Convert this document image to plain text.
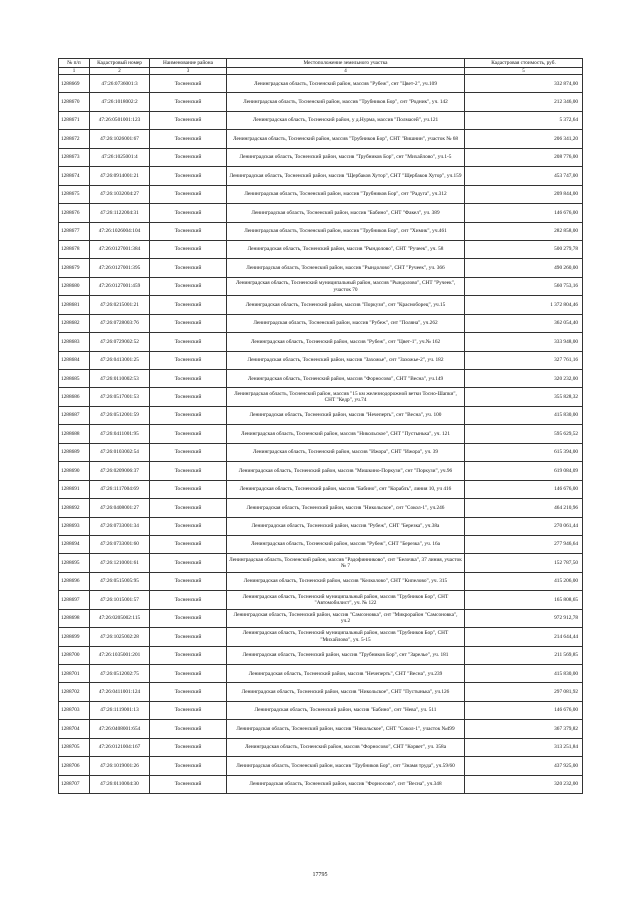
№ п/п	Кадастровый номер	Наименование района	Местоположение земельного участка	Кадастровая стоимость, руб.
1	2	3	4	5
1288669	47:26:0736001:3	Тосненский	Ленинградская область, Тосненский район, массив "Рубеж", снт "Цвет-2", уч.109	332 874,00
1288670	47:26:1018002:2	Тосненский	Ленинградская область, Тосненский район, массив "Трубников Бор", снт "Родник", уч. 142	212 346,00
1288671	47:26:0501001:123	Тосненский	Ленинградская область, Тосненский район, у д.Нурма, массив "Полмасей", уч.121	5 372,64
1288672	47:26:1026001:67	Тосненский	Ленинградская область, Тосненский район, массив "Трубников Бор", СНТ "Вишнин", участок № 68	206 341,20
1288673	47:26:1025001:4	Тосненский	Ленинградская область, Тосненский район, массив "Трубников Бор", снт "Михайлово", уч.1-5	208 776,00
1288674	47:26:0914001:21	Тосненский	Ленинградская область, Тосненский район, массив "Щербаков Хутор", СНТ "Щербаков Хутор", уч.159	453 747,00
1288675	47:26:1032004:27	Тосненский	Ленинградская область, Тосненский район, массив "Трубников Бор", снт "Радуга", уч.312	209 844,00
1288676	47:26:1122004:31	Тосненский	Ленинградская область, Тосненский район, массив "Бабино", СНТ "Факел", уч. 389	146 676,00
1288677	47:26:1026004:104	Тосненский	Ленинградская область, Тосненский район, массив "Трубников Бор", снт "Химик", уч.461	282 858,00
1288678	47:26:0127001:384	Тосненский	Ленинградская область, Тосненский район, массив "Рындолово", СНТ "Ручеек", уч. 58	500 279,78
1288679	47:26:0127001:395	Тосненский	Ленинградская область, Тосненский район, массив "Рындолово", СНТ "Ручеек", уч. 366	490 260,00
1288680	47:26:0127001:459	Тосненский	Ленинградская область, Тосненский муниципальный район, массив "Рындолово", СНТ "Ручеек", участок 70	560 753,16
1288681	47:26:0215001:21	Тосненский	Ленинградская область, Тосненский район, массив "Поркузи", снт "Красноборец", уч.15	1 372 804,46
1288682	47:26:0728003:76	Тосненский	Ленинградская область, Тосненский район, массив "Рубеж", снт "Поляна", уч.262	362 054,40
1288683	47:26:0729002:52	Тосненский	Ленинградская область, Тосненский район, массив "Рубеж", снт "Цвет-1", уч.№ 162	333 948,00
1288684	47:26:0413001:25	Тосненский	Ленинградская область, Тосненский район, массив "Захожье", снт "Захожье-2", уч. 182	327 761,16
1288685	47:26:0110002:53	Тосненский	Ленинградская область, Тосненский район, массив "Форносово", СНТ "Весна", уч.149	320 232,00
1288686	47:26:0517001:53	Тосненский	Ленинградская область, Тосненский район, массив "15 км железнодорожной ветки Тосно-Шапки", СНТ "Кедр", уч.74	355 828,32
1288687	47:26:0512001:59	Тосненский	Ленинградская область, Тосненский район, массив "Нечеперть", снт "Весна", уч. 100	415 830,00
1288688	47:26:0411001:95	Тосненский	Ленинградская область, Тосненский район, массив "Никольское", СНТ "Пустынька", уч. 121	595 629,52
1288689	47:26:0103002:54	Тосненский	Ленинградская область, Тосненский район, массив "Ижора", СНТ "Ижора", уч. 39	615 394,00
1288690	47:26:0209006:37	Тосненский	Ленинградская область, Тосненский район, массив "Мишкино-Поркузи", снт "Поркузи", уч.96	619 084,09
1288691	47:26:1117004:69	Тосненский	Ленинградская область, Тосненский район, массив "Бабино", снт "Кораблъ", линия 10, уч 416	146 676,00
1288692	47:26:0408001:27	Тосненский	Ленинградская область, Тосненский район, массив "Никольское", снт "Сокол-1", уч.246	464 210,96
1288693	47:26:0733001:34	Тосненский	Ленинградская область, Тосненский район, массив "Рубеж", СНТ "Березка", уч.38а	270 061,44
1288694	47:26:0733001:60	Тосненский	Ленинградская область, Тосненский район, массив "Рубеж", СНТ "Березка", уч. 16а	277 946,64
1288695	47:26:1210001:61	Тосненский	Ленинградская область, Тосненский район, массив "Радофинниково", снт "Белочка", 37 линия, участок № 7	152 787,50
1288696	47:26:0515005:95	Тосненский	Ленинградская область, Тосненский район, массив "Келколово", СНТ "Кипелово", уч. 315	415 206,00
1288697	47:26:1015001:57	Тосненский	Ленинградская область, Тосненский муниципальный район, массив "Трубников Бор", СНТ "Автомобилист", уч. № 122	165 808,65
1288698	47:26:0205002:115	Тосненский	Ленинградская область, Тосненский район, массив "Самсоновка", снт "Микрорайон "Самсоновка", уч.2	972 912,78
1288699	47:26:1025002:28	Тосненский	Ленинградская область, Тосненский муниципальный район, массив "Трубников Бор", СНТ "Михайлово", уч. 5-15	214 644,44
1288700	47:26:1035001:201	Тосненский	Ленинградская область, Тосненский район, массив "Трубников Бор", снт "Зарелье", уч. 181	211 569,85
1288701	47:26:0512002:75	Тосненский	Ленинградская область, Тосненский район, массив "Нечеперть", СНТ "Весна", уч.239	415 830,00
1288702	47:26:0411001:124	Тосненский	Ленинградская область, Тосненский район, массив "Никольское", СНТ "Пустынька", уч.126	297 081,92
1288703	47:26:1119001:13	Тосненский	Ленинградская область, Тосненский район, массив "Бабино", снт "Нева", уч. 511	146 676,00
1288704	47:26:0408001:654	Тосненский	Ленинградская область, Тосненский район, массив "Никольское", СНТ "Сокол-1", участок №499	367 379,82
1288705	47:26:0121004:167	Тосненский	Ленинградская область, Тосненский район, массив "Форносово", СНТ "Корвет", уч. 358а	313 251,84
1288706	47:26:1019001:26	Тосненский	Ленинградская область, Тосненский район, массив "Трубников Бор", снт "Знамя труда", уч.59/60	437 925,00
1288707	47:26:0110004:30	Тосненский	Ленинградская область, Тосненский район, массив "Форносово", снт "Весна", уч.348	320 232,00
17795
